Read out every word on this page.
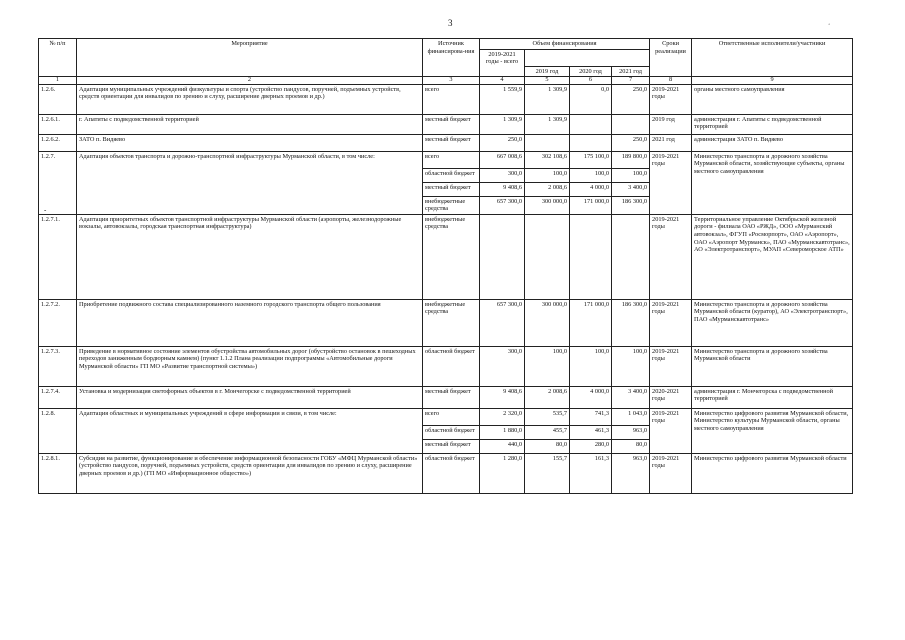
3	‘
-
№ п/п	Мероприятие	Источник финансирова-ния	Объем финансирования				Сроки реализации	Ответственные исполнители/участники
			2019-2021 годы - всего					
				2019 год	2020 год	2021 год		
1	2	3	4	5	6	7	8	9
1.2.6.	Адаптация муниципальных учреждений физкультуры и спорта (устройство пандусов, поручней, подъемных устройств, средств ориентации для инвалидов по зрению и слуху, расширение дверных проемов и др.)	всего	1 559,9	1 309,9	0,0	250,0	2019-2021 годы	органы местного самоуправления
1.2.6.1.	г. Апатиты с подведомственной территорией	местный бюджет	1 309,9	1 309,9			2019 год	администрация г. Апатиты с подведомственной территорией
1.2.6.2.	ЗАТО п. Видяево	местный бюджет	250,0			250,0	2021 год	администрация ЗАТО п. Видяево
1.2.7.	Адаптация объектов транспорта и дорожно-транспортной инфраструктуры Мурманской области, в том числе:	всего	667 008,6	302 108,6	175 100,0	189 800,0	2019-2021 годы	Министерство транспорта и дорожного хозяйства Мурманской области, хозяйствующие субъекты, органы местного самоуправления
		областной бюджет	300,0	100,0	100,0	100,0		
		местный бюджет	9 408,6	2 008,6	4 000,0	3 400,0		
		внебюджетные средства	657 300,0	300 000,0	171 000,0	186 300,0		
1.2.7.1.	Адаптация приоритетных объектов транспортной инфраструктуры Мурманской области (аэропорты, железнодорожные вокзалы, автовокзалы, городская транспортная инфраструктура)	внебюджетные средства					2019-2021 годы	Территориальное управление Октябрьской железной дороги - филиала ОАО «РЖД», ООО «Мурманский автовокзал», ФГУП «Росморпорт», ОАО «Аэропорт», ОАО «Аэропорт Мурманск», ПАО «Мурманскавтотранс», АО «Электротранспорт», МУАП «Североморское АТП»
1.2.7.2.	Приобретение подвижного состава специализированного наземного городского транспорта общего пользования	внебюджетные средства	657 300,0	300 000,0	171 000,0	186 300,0	2019-2021 годы	Министерство транспорта и дорожного хозяйства Мурманской области (куратор), АО «Электротранспорт», ПАО «Мурманскавтотранс»
1.2.7.3.	Приведение в нормативное состояние элементов обустройства автомобильных дорог (обустройство остановок в пешеходных переходов заниженным бордюрным камнем) (пункт 1.1.2 Плана реализации подпрограммы «Автомобильные дороги Мурманской области» ГП МО «Развитие транспортной системы»)	областной бюджет	300,0	100,0	100,0	100,0	2019-2021 годы	Министерство транспорта и дорожного хозяйства Мурманской области
1.2.7.4.	Установка и модернизация светофорных объектов в г. Мончегорске с подведомственной территорией	местный бюджет	9 408,6	2 008,6	4 000,0	3 400,0	2020-2021 годы	администрация г. Мончегорска с подведомственной территорией
1.2.8.	Адаптация областных и муниципальных учреждений в сфере информации и связи, в том числе:	всего	2 320,0	535,7	741,3	1 043,0	2019-2021 годы	Министерство цифрового развития Мурманской области, Министерство культуры Мурманской области, органы местного самоуправления
		областной бюджет	1 880,0	455,7	461,3	963,0		
		местный бюджет	440,0	80,0	280,0	80,0		
1.2.8.1.	Субсидия на развитие, функционирование и обеспечение информационной безопасности ГОБУ «МФЦ Мурманской области» (устройство пандусов, поручней, подъемных устройств, средств ориентации для инвалидов по зрению и слуху, расширение дверных проемов и др.) (ГП МО «Информационное общество»)	областной бюджет	1 280,0	155,7	161,3	963,0	2019-2021 годы	Министерство цифрового развития Мурманской области
